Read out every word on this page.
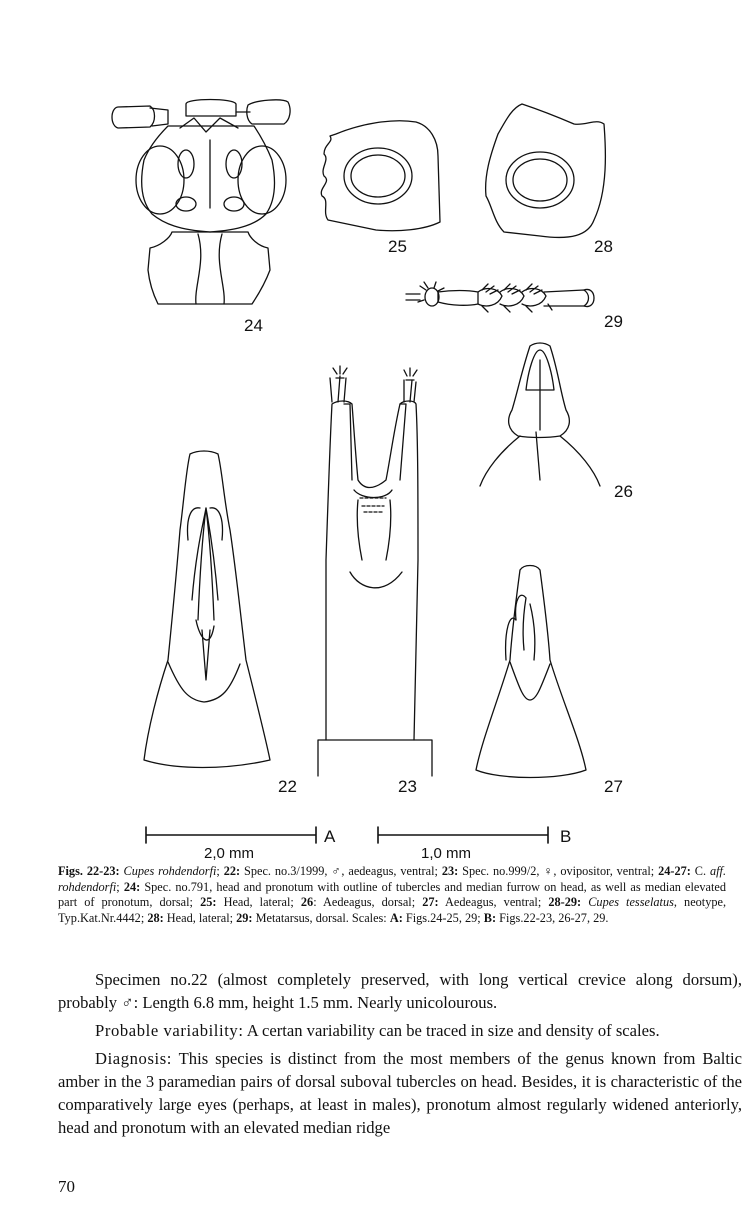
24
25	28
29
26
22	23	27
2,0 mm
A
1,0 mm
B
Figs. 22-23: Cupes rohdendorfi; 22: Spec. no.3/1999, ♂, aedeagus, ventral; 23: Spec. no.999/2, ♀, ovipositor, ventral; 24-27: C. aff. rohdendorfi; 24: Spec. no.791, head and pronotum with outline of tubercles and median furrow on head, as well as median elevated part of pronotum, dorsal; 25: Head, lateral; 26: Aedeagus, dorsal; 27: Aedeagus, ventral; 28-29: Cupes tesselatus, neotype, Typ.Kat.Nr.4442; 28: Head, lateral; 29: Metatarsus, dorsal. Scales: A: Figs.24-25, 29; B: Figs.22-23, 26-27, 29.

Specimen no.22 (almost completely preserved, with long vertical crevice along dorsum), probably ♂: Length 6.8 mm, height 1.5 mm. Nearly unicolourous.

Probable variability: A certan variability can be traced in size and density of scales.

Diagnosis: This species is distinct from the most members of the genus known from Baltic amber in the 3 paramedian pairs of dorsal suboval tubercles on head. Besides, it is characteristic of the comparatively large eyes (perhaps, at least in males), pronotum almost regularly widened anteriorly, head and pronotum with an elevated median ridge

70
